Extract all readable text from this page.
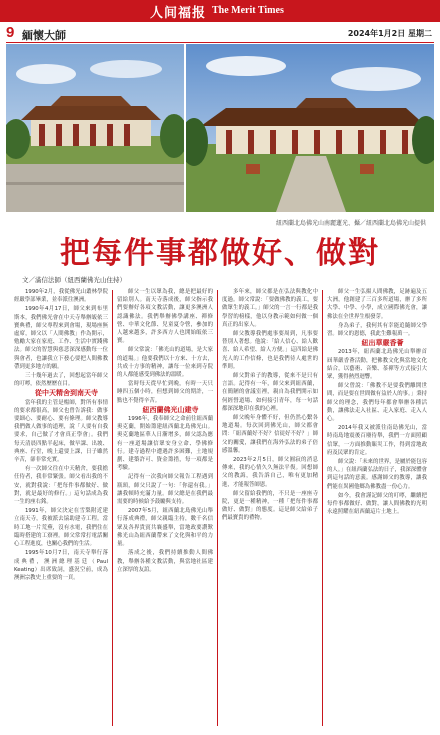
人间福报 The Merit Times
9 緬懷大師	2024年1月2日 星期二
紐西蘭北島佛光山南麗蓮光、攝／紐西蘭北島佛光山提供
把每件事都做好、做對
文／滿信法師（紐西蘭佛光山住持）

1990年2月，我從佛光山叢林學院經嚴學部畢業，並奉派往澳洲。

1990年4月17日，師父來到布里斯本，我們佛光會在中天寺舉辦皈依三寶典禮，師父專程來到會場，現場座無虛席，師父以「人間佛教」作為開示，勉勵大家在家庭、工作、生活中實踐佛法。師父的智慧與慈悲深深感動每一位與會者，也讓我立下發心要把人間佛教帶到更多地方的願。

三十幾年過去了，回想起當年師父的叮嚀，依然歷歷在目。

從中天精舍到南天寺

當年我的主管是楊師，對所有事情的要求都很高，師父也曾告訴我：做事要細心、要耐心、要有條理。師父教導我們做人做事的道理，說「人要有自我要求，自己做了才會真正學會」。我們每天清晨四點半起床，做早課、出坡、典座、行堂，晚上還要上課，日子雖然辛苦，卻非常充實。

有一次師父往在中天精舍，要我擔任侍者，我非常緊張。師父看出我的不安，就對我說：「把每件事都做好、做對，就是最好的修行。」這句話成為我一生的座右銘。

1991年，師父決定在雪梨附近建立南天寺，我被派去協助建寺工程。當時工地一片荒蕪，沒有水電，我們住在臨時搭建的工寮裡。師父常常打電話關心工程進度，也關心我們的生活。

1995年10月7日，南天寺舉行落成典禮，澳洲總理基廷（Paul Keating）出席致詞，盛況空前，成為澳洲宗教史上重要的一頁。

師父一生以眾為我，總是把最好的留給別人。南天寺落成後，師父指示我們要辦好各項文教活動，讓更多澳洲人認識佛法。我們舉辦佛學講座、禪修營、中華文化節、兒童夏令營，參加的人越來越多，許多西方人也開始皈依三寶。

師父常說：「佛光山的道場，是大家的道場。」他要我們以十方來、十方去，共成十方事的精神，讓每一位來到寺院的人都能感受到佛法的溫暖。

當時每天從早忙到晚，有時一天只睡四五個小時，但想到師父的期許，一點也不覺得辛苦。

紐西蘭佛光山建寺

1996年，我奉師父之命前往紐西蘭奧克蘭，開始籌建紐西蘭北島佛光山。奧克蘭地區華人日漸增多，師父認為應有一座道場讓信眾安身立命、學佛修行。建寺過程中遭遇許多困難，土地規劃、建築許可、資金籌措，每一項都是考驗。

記得有一次我向師父報告工程遇到瓶頸，師父只說了一句：「你還有我。」讓我頓時充滿力量。師父總是在我們最需要的時候給予鼓勵與支持。

2007年5月，紐西蘭北島佛光山舉行落成典禮，師父親臨主持，數千名信眾及各界貴賓共襄盛舉，當地政要讚歎佛光山為紐西蘭帶來了文化與和平的力量。

落成之後，我們持續推動人間佛教，舉辦各種文教活動，與當地社區建立深厚的友誼。

多年來，師父都是在弘法與教化中度過。師父常說：「要做佛教的義工，要做眾生的義工。」師父的一言一行都是我學習的榜樣，他以身教示範如何做一個真正的出家人。

師父教導我們處事要周到，凡事要替別人著想。他說：「給人信心、給人歡喜、給人希望、給人方便。」這四給是佛光人的工作信條，也是我們待人處世的準則。

師父對弟子的教導，從來不是只有言語。記得有一年，師父來到紐西蘭，在簡陋的會議室裡，親自為我們開示如何經營道場、如何接引青年，每一句話都深深地印在我的心裡。

師父晚年身體不好，但仍然心繫各地道場。每次回到佛光山，師父都會問：「紐西蘭好不好？信徒好不好？」師父的關愛，讓我們在海外弘法的弟子倍感溫馨。

2023年2月5日，師父圓寂的消息傳來，我的心情久久無法平復。回想師父的教誨，我告訴自己，唯有更加精進，才能報答師恩。

師父留給我們的，不只是一座座寺院，更是一種精神，一種「把每件事都做好、做對」的態度。這是師父給弟子們最寶貴的禮物。

師父一生弘揚人間佛教，足跡遍及五大洲，他創建了三百多所道場，辦了多所大學、中學、小學，成立國際佛光會，讓佛法在全世界生根發芽。

身為弟子，我何其有幸能追隨師父學習。師父的恩德，我此生難報萬一。

紐出華嚴香薈

2013年，紐西蘭北島佛光山舉辦首屆華嚴香薈活動，把佛教文化與當地文化結合，以藝術、音樂、茶禪等方式接引大眾，獲得熱烈迴響。

師父曾說：「佛教不是要我們離開世間，而是要在世間做有益於人的事。」秉持師父的理念，我們每年都會舉辦各種活動，讓佛法走入社區、走入家庭、走入人心。

2014年我又被派往南島佛光山，當時南島地震後百廢待舉，我們一方面照顧信眾，一方面推動賑災工作，得到當地政府及民眾的肯定。

師父說：「未來的世界，是屬於能包容的人。」在紐西蘭弘法的日子，我深深體會到這句話的意義。感謝師父的教導，讓我們能在異國他鄉為佛教盡一份心力。

如今，我會謹記師父的叮嚀，繼續把每件事都做好、做對，讓人間佛教的光明永遠照耀在紐西蘭這片土地上。
